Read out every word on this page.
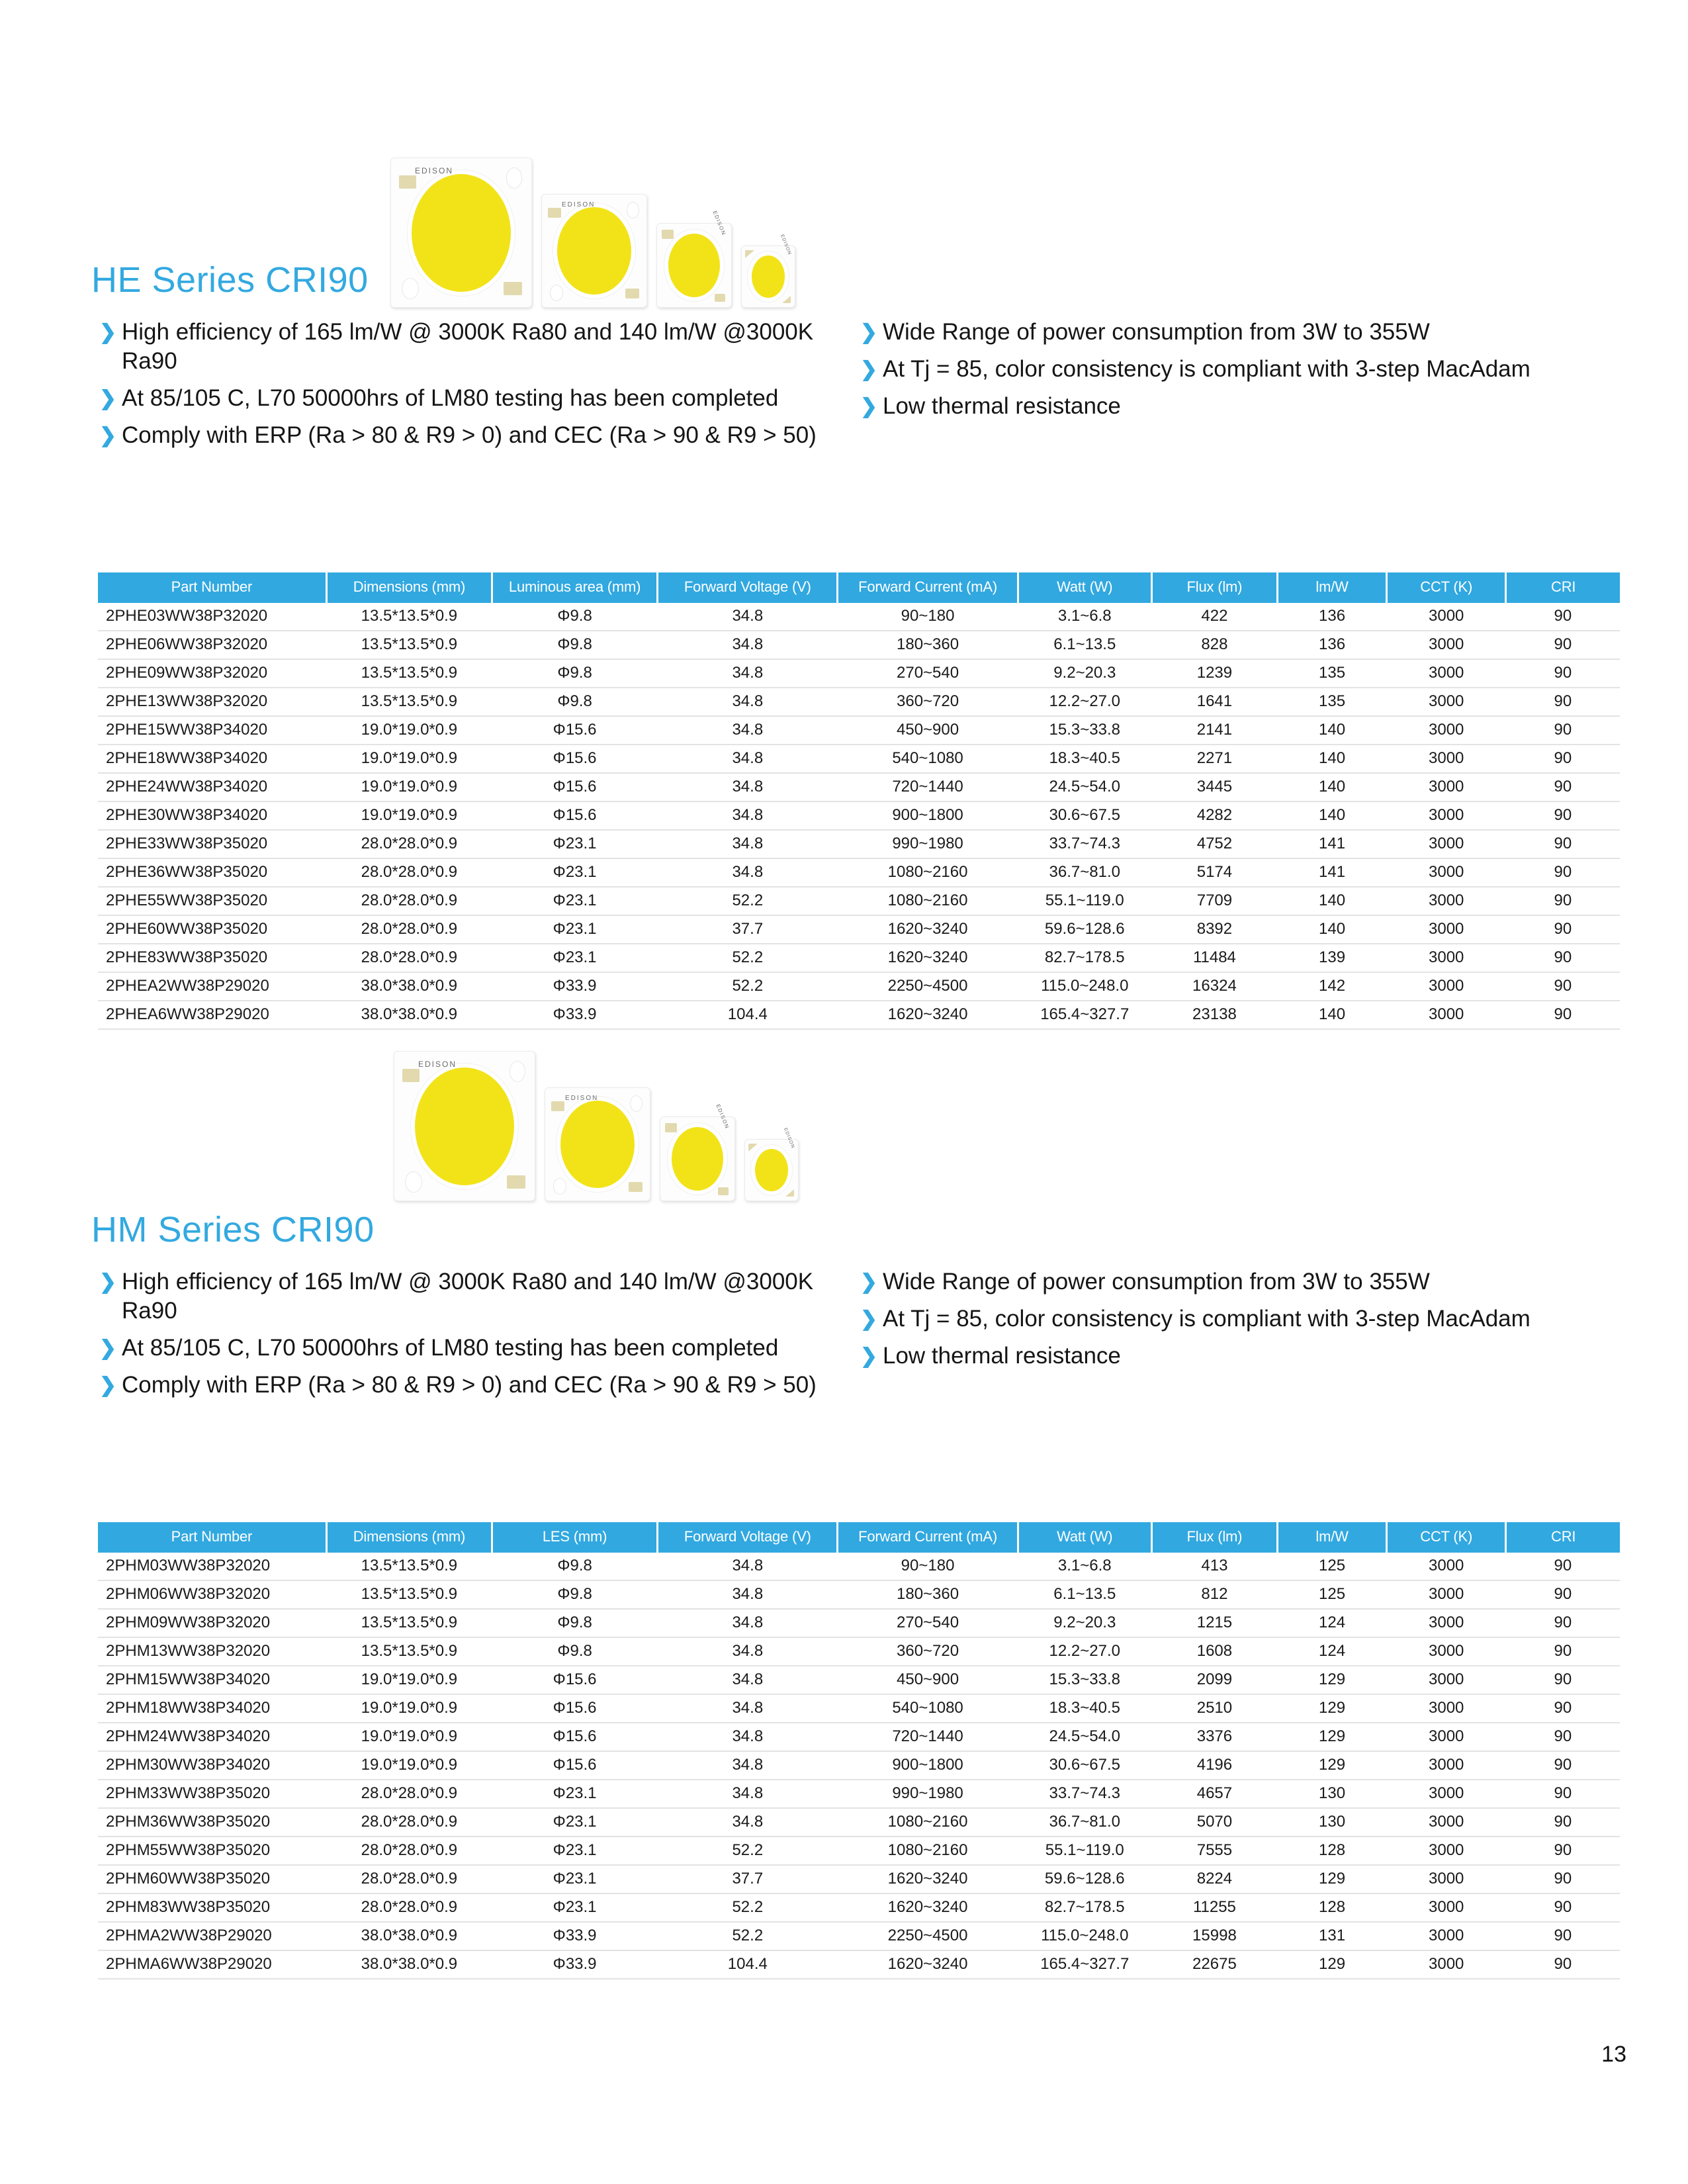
EDISON
EDISON
EDISON
EDISON
HE Series CRI90
❯ High efficiency of 165 lm/W @ 3000K Ra80 and 140 lm/W @3000K Ra90
❯ At 85/105 C, L70 50000hrs of LM80 testing has been completed
❯ Comply with ERP (Ra > 80 & R9 > 0) and CEC (Ra > 90 & R9 > 50)
❯ Wide Range of power consumption from 3W to 355W
❯ At Tj = 85, color consistency is compliant with 3-step MacAdam
❯ Low thermal resistance
Part Number	Dimensions (mm)	Luminous area (mm)	Forward Voltage (V)	Forward Current (mA)	Watt (W)	Flux (lm)	lm/W	CCT (K)	CRI
2PHE03WW38P32020	13.5*13.5*0.9	Φ9.8	34.8	90~180	3.1~6.8	422	136	3000	90
2PHE06WW38P32020	13.5*13.5*0.9	Φ9.8	34.8	180~360	6.1~13.5	828	136	3000	90
2PHE09WW38P32020	13.5*13.5*0.9	Φ9.8	34.8	270~540	9.2~20.3	1239	135	3000	90
2PHE13WW38P32020	13.5*13.5*0.9	Φ9.8	34.8	360~720	12.2~27.0	1641	135	3000	90
2PHE15WW38P34020	19.0*19.0*0.9	Φ15.6	34.8	450~900	15.3~33.8	2141	140	3000	90
2PHE18WW38P34020	19.0*19.0*0.9	Φ15.6	34.8	540~1080	18.3~40.5	2271	140	3000	90
2PHE24WW38P34020	19.0*19.0*0.9	Φ15.6	34.8	720~1440	24.5~54.0	3445	140	3000	90
2PHE30WW38P34020	19.0*19.0*0.9	Φ15.6	34.8	900~1800	30.6~67.5	4282	140	3000	90
2PHE33WW38P35020	28.0*28.0*0.9	Φ23.1	34.8	990~1980	33.7~74.3	4752	141	3000	90
2PHE36WW38P35020	28.0*28.0*0.9	Φ23.1	34.8	1080~2160	36.7~81.0	5174	141	3000	90
2PHE55WW38P35020	28.0*28.0*0.9	Φ23.1	52.2	1080~2160	55.1~119.0	7709	140	3000	90
2PHE60WW38P35020	28.0*28.0*0.9	Φ23.1	37.7	1620~3240	59.6~128.6	8392	140	3000	90
2PHE83WW38P35020	28.0*28.0*0.9	Φ23.1	52.2	1620~3240	82.7~178.5	11484	139	3000	90
2PHEA2WW38P29020	38.0*38.0*0.9	Φ33.9	52.2	2250~4500	115.0~248.0	16324	142	3000	90
2PHEA6WW38P29020	38.0*38.0*0.9	Φ33.9	104.4	1620~3240	165.4~327.7	23138	140	3000	90
EDISON
EDISON
EDISON
EDISON
HM Series CRI90
❯ High efficiency of 165 lm/W @ 3000K Ra80 and 140 lm/W @3000K Ra90
❯ At 85/105 C, L70 50000hrs of LM80 testing has been completed
❯ Comply with ERP (Ra > 80 & R9 > 0) and CEC (Ra > 90 & R9 > 50)
❯ Wide Range of power consumption from 3W to 355W
❯ At Tj = 85, color consistency is compliant with 3-step MacAdam
❯ Low thermal resistance
Part Number	Dimensions (mm)	LES (mm)	Forward Voltage (V)	Forward Current (mA)	Watt (W)	Flux (lm)	lm/W	CCT (K)	CRI
2PHM03WW38P32020	13.5*13.5*0.9	Φ9.8	34.8	90~180	3.1~6.8	413	125	3000	90
2PHM06WW38P32020	13.5*13.5*0.9	Φ9.8	34.8	180~360	6.1~13.5	812	125	3000	90
2PHM09WW38P32020	13.5*13.5*0.9	Φ9.8	34.8	270~540	9.2~20.3	1215	124	3000	90
2PHM13WW38P32020	13.5*13.5*0.9	Φ9.8	34.8	360~720	12.2~27.0	1608	124	3000	90
2PHM15WW38P34020	19.0*19.0*0.9	Φ15.6	34.8	450~900	15.3~33.8	2099	129	3000	90
2PHM18WW38P34020	19.0*19.0*0.9	Φ15.6	34.8	540~1080	18.3~40.5	2510	129	3000	90
2PHM24WW38P34020	19.0*19.0*0.9	Φ15.6	34.8	720~1440	24.5~54.0	3376	129	3000	90
2PHM30WW38P34020	19.0*19.0*0.9	Φ15.6	34.8	900~1800	30.6~67.5	4196	129	3000	90
2PHM33WW38P35020	28.0*28.0*0.9	Φ23.1	34.8	990~1980	33.7~74.3	4657	130	3000	90
2PHM36WW38P35020	28.0*28.0*0.9	Φ23.1	34.8	1080~2160	36.7~81.0	5070	130	3000	90
2PHM55WW38P35020	28.0*28.0*0.9	Φ23.1	52.2	1080~2160	55.1~119.0	7555	128	3000	90
2PHM60WW38P35020	28.0*28.0*0.9	Φ23.1	37.7	1620~3240	59.6~128.6	8224	129	3000	90
2PHM83WW38P35020	28.0*28.0*0.9	Φ23.1	52.2	1620~3240	82.7~178.5	11255	128	3000	90
2PHMA2WW38P29020	38.0*38.0*0.9	Φ33.9	52.2	2250~4500	115.0~248.0	15998	131	3000	90
2PHMA6WW38P29020	38.0*38.0*0.9	Φ33.9	104.4	1620~3240	165.4~327.7	22675	129	3000	90
13
